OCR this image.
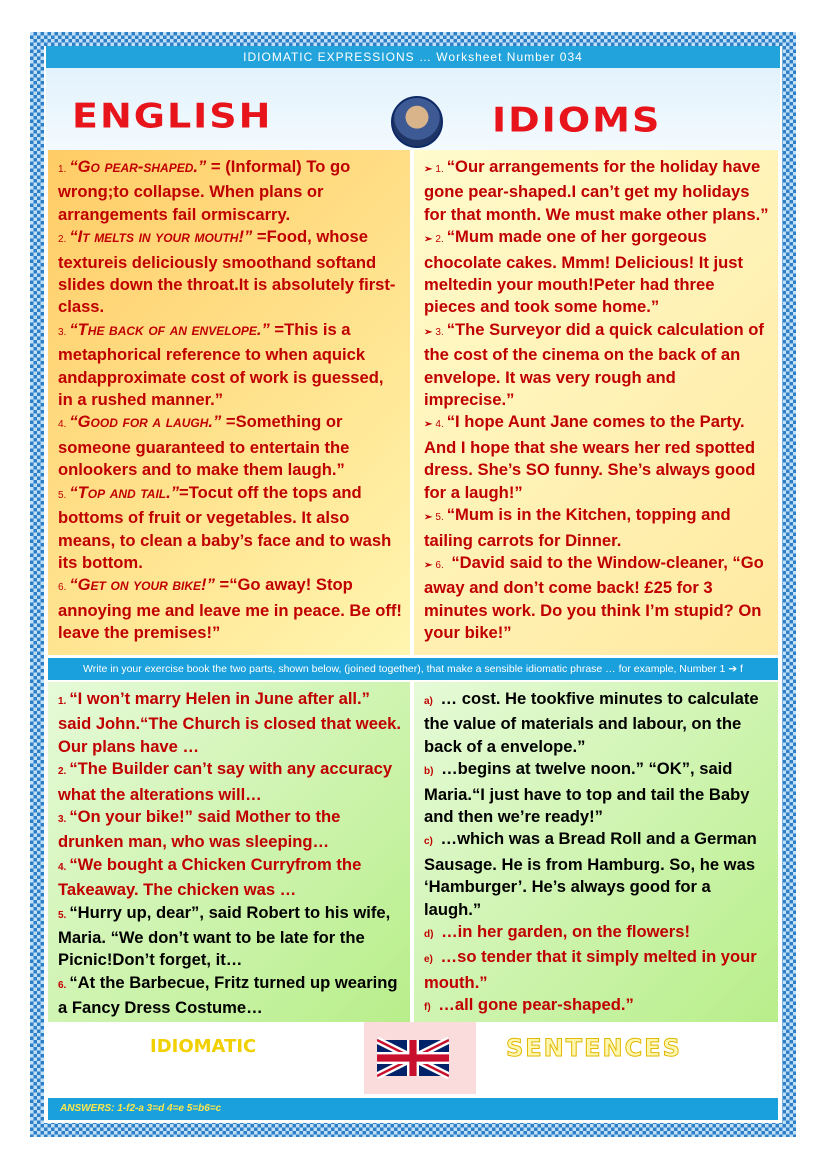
IDIOMATIC EXPRESSIONS … Worksheet Number 034
ENGLISH	IDIOMS

1. “Go pear-shaped.” = (Informal) To go wrong;to collapse. When plans or arrangements fail ormiscarry.

2. “It melts in your mouth!” =Food, whose textureis deliciously smoothand softand slides down the throat.It is absolutely first-class.

3. “The back of an envelope.” =This is a metaphorical reference to when aquick andapproximate cost of work is guessed, in a rushed manner.”

4. “Good for a laugh.” =Something or someone guaranteed to entertain the onlookers and to make them laugh.”

5. “Top and tail.”=Tocut off the tops and bottoms of fruit or vegetables. It also means, to clean a baby’s face and to wash its bottom.

6. “Get on your bike!” =“Go away! Stop annoying me and leave me in peace. Be off! leave the premises!”

➢ 1. “Our arrangements for the holiday have gone pear-shaped.I can’t get my holidays for that month. We must make other plans.”

➢ 2. “Mum made one of her gorgeous chocolate cakes. Mmm! Delicious! It just meltedin your mouth!Peter had three pieces and took some home.”

➢ 3. “The Surveyor did a quick calculation of the cost of the cinema on the back of an envelope. It was very rough and imprecise.”

➢ 4. “I hope Aunt Jane comes to the Party. And I hope that she wears her red spotted dress. She’s SO funny. She’s always good for a laugh!”

➢ 5. “Mum is in the Kitchen, topping and tailing carrots for Dinner.

➢ 6. “David said to the Window-cleaner, “Go away and don’t come back! £25 for 3 minutes work. Do you think I’m stupid? On your bike!”

Write in your exercise book the two parts, shown below, (joined together), that make a sensible idiomatic phrase … for example, Number 1 ➔ f

1. “I won’t marry Helen in June after all.” said John.“The Church is closed that week. Our plans have …

2. “The Builder can’t say with any accuracy what the alterations will…

3. “On your bike!” said Mother to the drunken man, who was sleeping…

4. “We bought a Chicken Curryfrom the Takeaway. The chicken was …

5. “Hurry up, dear”, said Robert to his wife, Maria. “We don’t want to be late for the Picnic!Don’t forget, it…

6. “At the Barbecue, Fritz turned up wearing a Fancy Dress Costume…

a) … cost. He tookfive minutes to calculate the value of materials and labour, on the back of a envelope.”

b) …begins at twelve noon.” “OK”, said Maria.“I just have to top and tail the Baby and then we’re ready!”

c) …which was a Bread Roll and a German Sausage. He is from Hamburg. So, he was ‘Hamburger’. He’s always good for a laugh.”

d) …in her garden, on the flowers!

e) …so tender that it simply melted in your mouth.”

f) …all gone pear-shaped.”

IDIOMATIC	SENTENCES
ANSWERS: 1-f2-a 3=d 4=e 5=b6=c
